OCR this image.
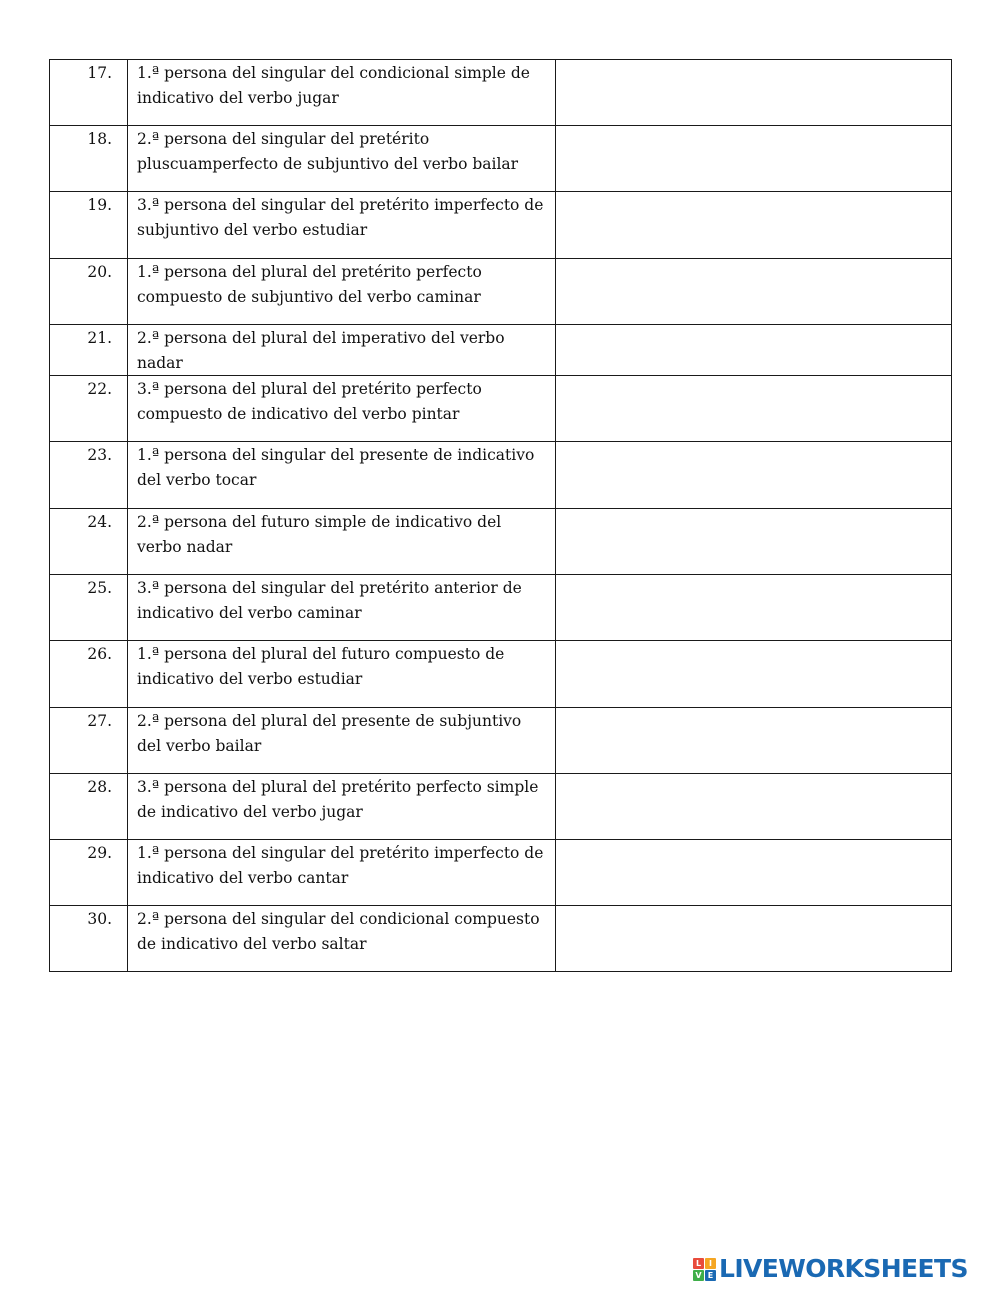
17.	1.ª persona del singular del condicional simple de indicativo del verbo jugar	
18.	2.ª persona del singular del pretérito pluscuamperfecto de subjuntivo del verbo bailar	
19.	3.ª persona del singular del pretérito imperfecto de subjuntivo del verbo estudiar	
20.	1.ª persona del plural del pretérito perfecto compuesto de subjuntivo del verbo caminar	
21.	2.ª persona del plural del imperativo del verbo nadar	
22.	3.ª persona del plural del pretérito perfecto compuesto de indicativo del verbo pintar	
23.	1.ª persona del singular del presente de indicativo del verbo tocar	
24.	2.ª persona del futuro simple de indicativo del verbo nadar	
25.	3.ª persona del singular del pretérito anterior de indicativo del verbo caminar	
26.	1.ª persona del plural del futuro compuesto de indicativo del verbo estudiar	
27.	2.ª persona del plural del presente de subjuntivo del verbo bailar	
28.	3.ª persona del plural del pretérito perfecto simple de indicativo del verbo jugar	
29.	1.ª persona del singular del pretérito imperfecto de indicativo del verbo cantar	
30.	2.ª persona del singular del condicional compuesto de indicativo del verbo saltar	
L I
V E LIVEWORKSHEETS
